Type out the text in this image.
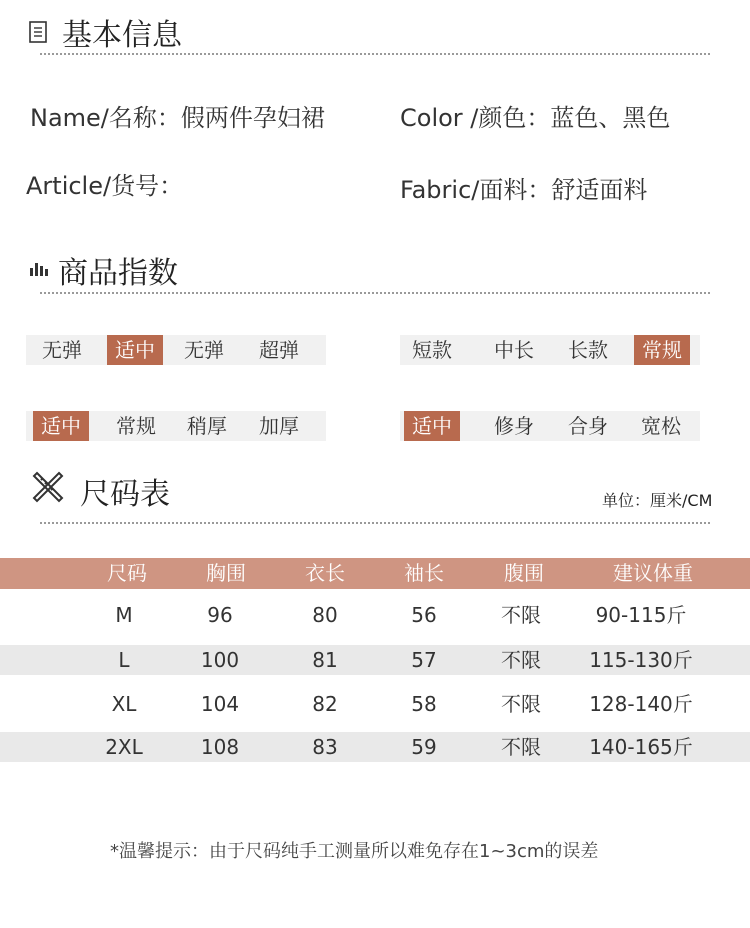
基本信息
Name/名称：假两件孕妇裙	Color /颜色：蓝色、黑色
Article/货号：	Fabric/面料：舒适面料
商品指数
无弹	适中	无弹	超弹	短款	中长	长款	常规
适中	常规	稍厚	加厚	适中	修身	合身	宽松
尺码表	单位：厘米/CM
尺码	胸围	衣长	袖长	腹围	建议体重
M	96	80	56	不限	90-115斤
L	100	81	57	不限 115-130斤
XL	104	82	58	不限 128-140斤
2XL	108	83	59	不限 140-165斤
*温馨提示：由于尺码纯手工测量所以难免存在1~3cm的误差
